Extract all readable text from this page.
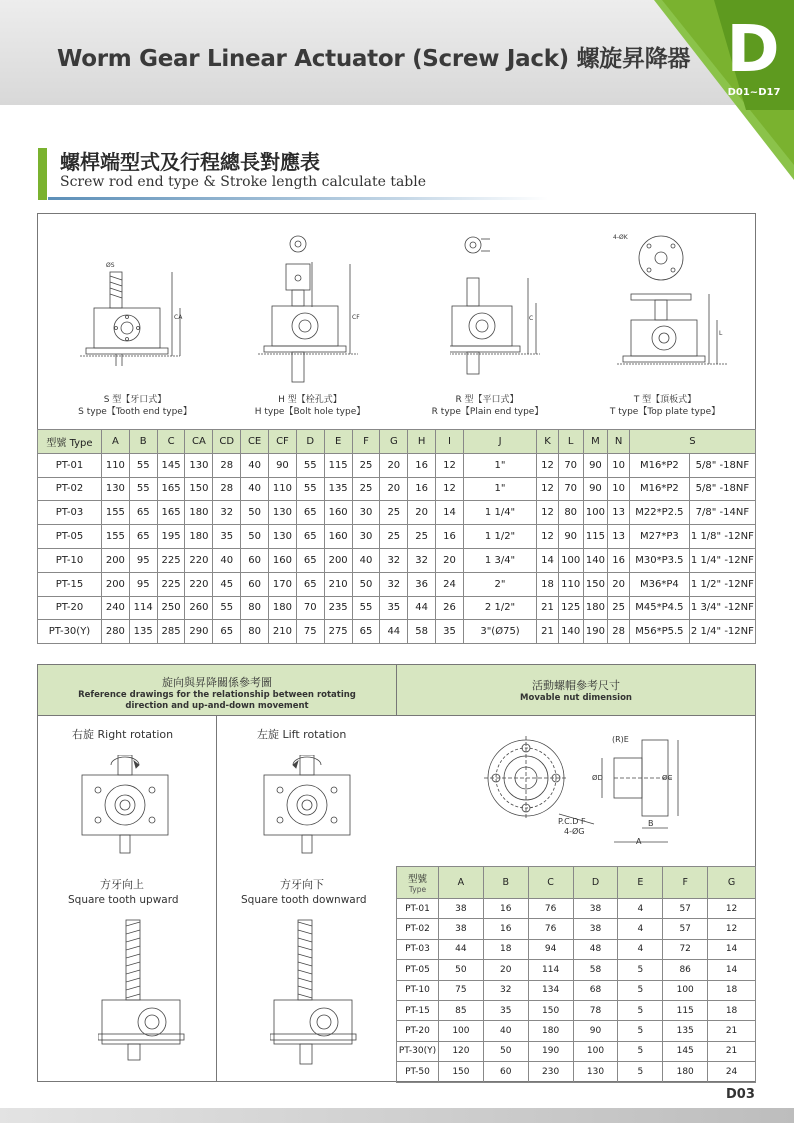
Worm Gear Linear Actuator (Screw Jack) 螺旋昇降器 D
D01~D17
螺桿端型式及行程總長對應表
Screw rod end type & Stroke length calculate table
ØS
CA
S 型【牙口式】
S type【Tooth end type】
CF
H 型【栓孔式】
H type【Bolt hole type】
C
R 型【平口式】
R type【Plain end type】
4-ØK
L
T 型【頂板式】
T type【Top plate type】
型號 Type	A	B	C	CA	CD	CE	CF	D	E	F	G	H	I	J	K	L	M	N	S	
PT-01	110	55	145	130	28	40	90	55	115	25	20	16	12	1"	12	70	90	10	M16*P2	5/8" -18NF
PT-02	130	55	165	150	28	40	110	55	135	25	20	16	12	1"	12	70	90	10	M16*P2	5/8" -18NF
PT-03	155	65	165	180	32	50	130	65	160	30	25	20	14	1 1/4"	12	80	100	13	M22*P2.5	7/8" -14NF
PT-05	155	65	195	180	35	50	130	65	160	30	25	25	16	1 1/2"	12	90	115	13	M27*P3	1 1/8" -12NF
PT-10	200	95	225	220	40	60	160	65	200	40	32	32	20	1 3/4"	14	100	140	16	M30*P3.5	1 1/4" -12NF
PT-15	200	95	225	220	45	60	170	65	210	50	32	36	24	2"	18	110	150	20	M36*P4	1 1/2" -12NF
PT-20	240	114	250	260	55	80	180	70	235	55	35	44	26	2 1/2"	21	125	180	25	M45*P4.5	1 3/4" -12NF
PT-30(Y)	280	135	285	290	65	80	210	75	275	65	44	58	35	3"(Ø75)	21	140	190	28	M56*P5.5	2 1/4" -12NF
旋向與昇降關係參考圖
Reference drawings for the relationship between rotating
direction and up-and-down movement
活動螺帽參考尺寸
Movable nut dimension
右旋 Right rotation	左旋 Lift rotation
方牙向上
Square tooth upward
方牙向下
Square tooth downward
(R)E
ØD	ØC
B
A
P.C.D F
4-ØG
型號
Type	A	B	C	D	E	F	G
PT-01	38	16	76	38	4	57	12
PT-02	38	16	76	38	4	57	12
PT-03	44	18	94	48	4	72	14
PT-05	50	20	114	58	5	86	14
PT-10	75	32	134	68	5	100	18
PT-15	85	35	150	78	5	115	18
PT-20	100	40	180	90	5	135	21
PT-30(Y)	120	50	190	100	5	145	21
PT-50	150	60	230	130	5	180	24
D03
